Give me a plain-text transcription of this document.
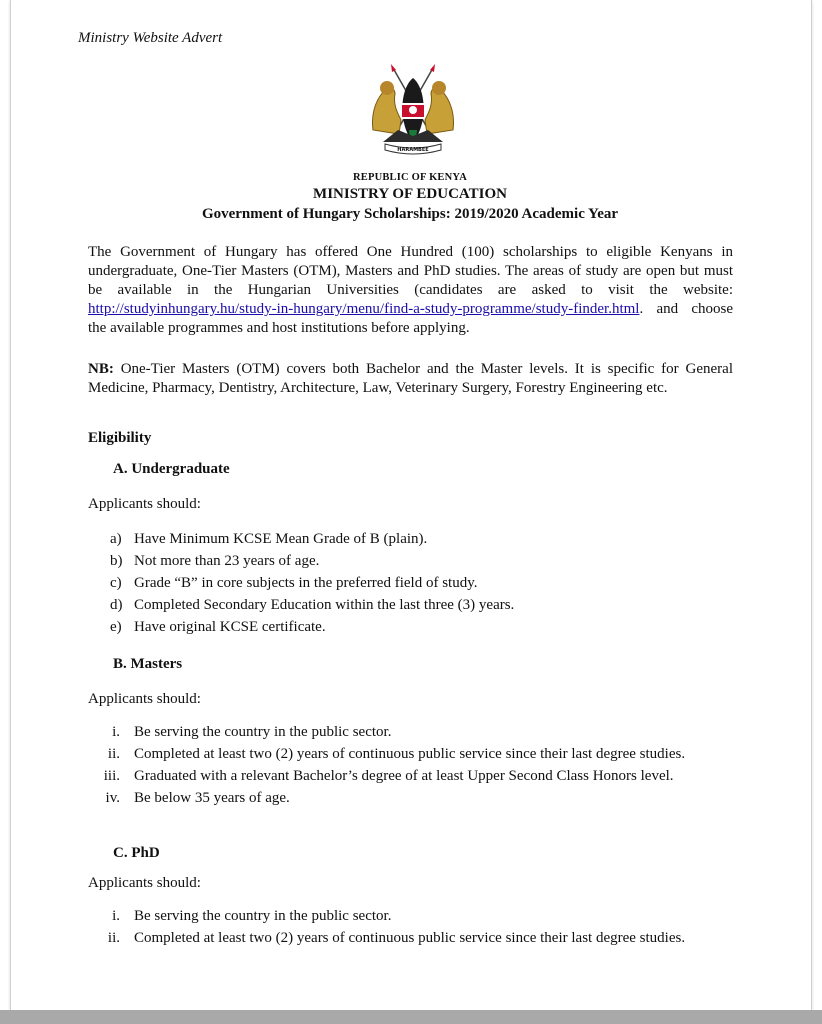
Ministry Website Advert
HARAMBEE
REPUBLIC OF KENYA
MINISTRY OF EDUCATION
Government of Hungary Scholarships: 2019/2020 Academic Year
The Government of Hungary has offered One Hundred (100) scholarships to eligible Kenyans in undergraduate, One-Tier Masters (OTM), Masters and PhD studies. The areas of study are open but must be available in the Hungarian Universities (candidates are asked to visit the website: http://studyinhungary.hu/study-in-hungary/menu/find-a-study-programme/study-finder.html. and choose the available programmes and host institutions before applying.
NB: One-Tier Masters (OTM) covers both Bachelor and the Master levels. It is specific for General Medicine, Pharmacy, Dentistry, Architecture, Law, Veterinary Surgery, Forestry Engineering etc.
Eligibility
A. Undergraduate
Applicants should:
a) Have Minimum KCSE Mean Grade of B (plain).
b) Not more than 23 years of age.
c) Grade “B” in core subjects in the preferred field of study.
d) Completed Secondary Education within the last three (3) years.
e) Have original KCSE certificate.
B. Masters
Applicants should:
i. Be serving the country in the public sector.
ii. Completed at least two (2) years of continuous public service since their last degree studies.
iii. Graduated with a relevant Bachelor’s degree of at least Upper Second Class Honors level.
iv. Be below 35 years of age.
C. PhD
Applicants should:
i. Be serving the country in the public sector.
ii. Completed at least two (2) years of continuous public service since their last degree studies.
